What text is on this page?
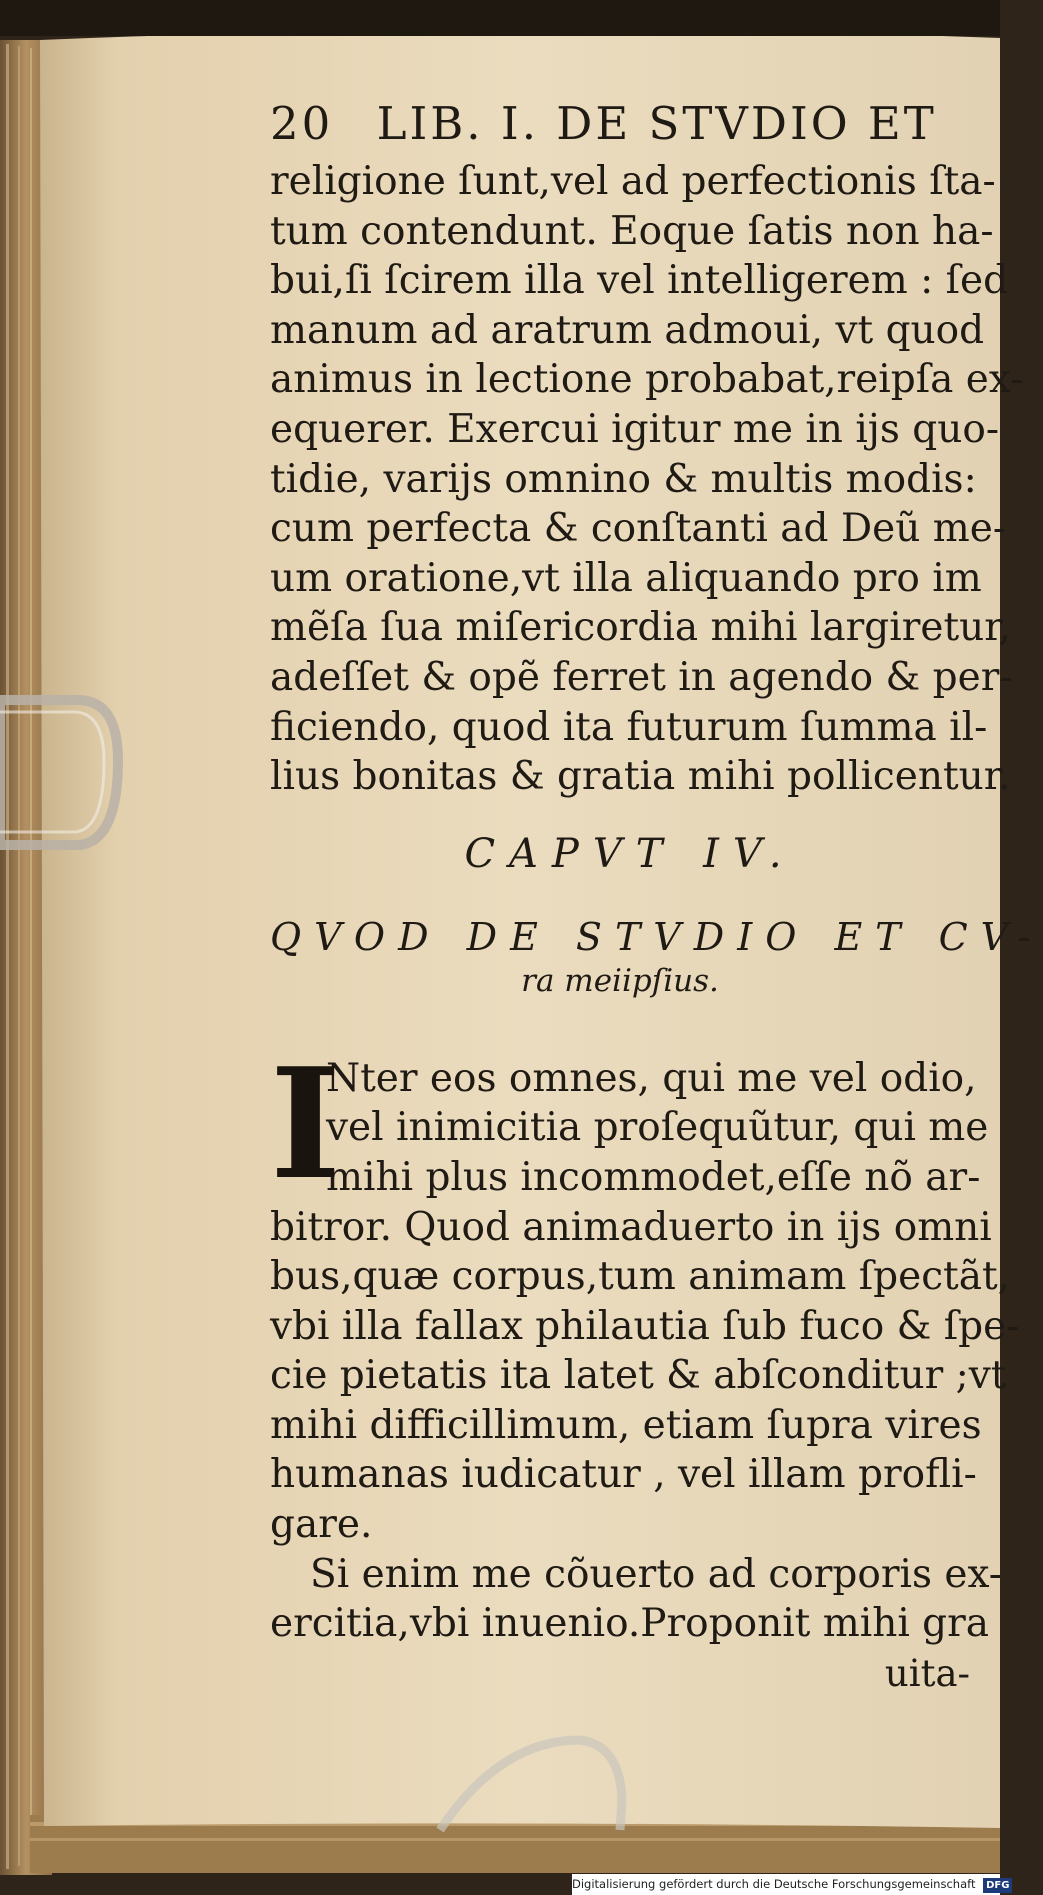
20 LIB. I. DE STVDIO ET
religione ſunt,vel ad perfectionis ſta-
tum contendunt. Eoque ſatis non ha-
bui,ſi ſcirem illa vel intelligerem : ſed
manum ad aratrum admoui, vt quod
animus in lectione probabat,reipſa ex-
equerer. Exercui igitur me in ijs quo-
tidie, varijs omnino & multis modis:
cum perfecta & conſtanti ad Deũ me-
um oratione,vt illa aliquando pro im
mẽſa ſua miſericordia mihi largiretur,
adeſſet & opẽ ferret in agendo & per-
ficiendo, quod ita futurum ſumma il-
lius bonitas & gratia mihi pollicentur.
CAPVT IV.
QVOD DE STVDIO ET CV-
ra meiipſius.
I
Nter eos omnes, qui me vel odio,
vel inimicitia proſequũtur, qui me
mihi plus incommodet,eſſe nõ ar-
bitror. Quod animaduerto in ijs omni
bus,quæ corpus,tum animam ſpectãt,
vbi illa fallax philautia ſub fuco & ſpe-
cie pietatis ita latet & abſconditur ;vt
mihi difficillimum, etiam ſupra vires
humanas iudicatur , vel illam profli-
gare.
Si enim me cõuerto ad corporis ex-
ercitia,vbi inuenio.Proponit mihi gra
uita-
Digitalisierung gefördert durch die Deutsche Forschungsgemeinschaft DFG
